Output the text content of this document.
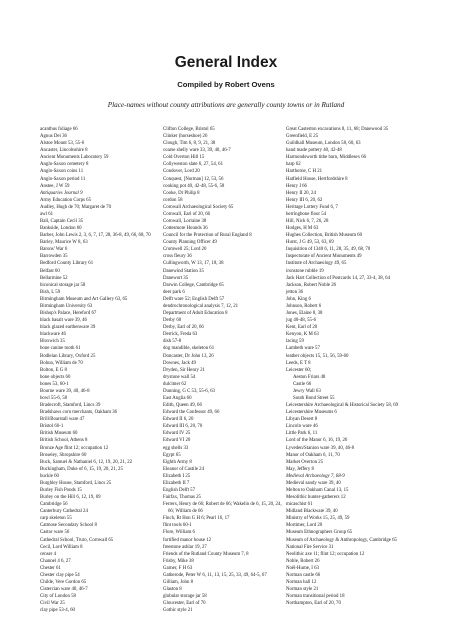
General Index
Compiled by Robert Ovens
Place-names without county attributions are generally county towns or in Rutland
acanthus foliage 66
Agnus Dei 36
Alstoe Mount 53, 55-6
Ancaster, Lincolnshire 8
Ancient Monuments Laboratory 59
Anglo-Saxon cemetery 8
Anglo-Saxon coins 11
Anglo-Saxon period 11
Anstee, J W 59
Antiquaries Journal 9
Army Education Corps 65
Audley, Hugh de 70; Margaret de 70
awl 61
Ball, Captain Cecil 35
Bankside, London 60
Barber, John Lewis 2, 3, 6, 7, 17, 28, 36-8, 49, 66, 68, 70
Barley, Maurice W 8, 63
Barons' War 6
Barrowden 35
Bedford County Library 61
Belfast 60
Bellarmine 52
biconical storage jar 58
Bish, L 59
Birmingham Museum and Art Gallery 63, 65
Birmingham University 63
Bishop's Palace, Hereford 67
black basalt ware 39, 46
black glazed earthenware 39
blackware 46
Bloxwich 35
bone canine tooth 61
Bodleian Library, Oxford 25
Bohun, William de 70
Bolton, E G 8
bone objects 60
bones 53, 60-1
Bourne ware 39, 40, 46-8
bowl 55-6, 58
Bradecroft, Stamford, Lincs 39
Bradshaws corn merchants, Oakham 36
Brill/Boarstall ware 47
Bristol 60-1
British Museum 60
British School, Athens 8
Bronze Age flint 12; occupation 12
Broseley, Shropshire 60
Buck, Samuel & Nathaniel 6, 12, 19, 20, 21, 22
Buckingham, Duke of 6, 15, 19, 20, 21, 25
buckle 60
Burghley House, Stamford, Lincs 25
Burley Fish Ponds 15
Burley on the Hill 6, 12, 19, 69
Cambridge 56
Canterbury Cathedral 24
carp skeleton 55
Catmose Secondary School 8
Castor ware 56
Cathedral School, Truro, Cornwall 65
Cecil, Lord William 8
censer 4
Channel 4 6, 27
Chester 61
Chester clay pipe 54
Childe, Vere Gordon 65
Cistercian ware 40, 46-7
City of London 58
Civil War 25
clay pipe 53-4, 60
Clifton College, Bristol 65
Clinker (horseshoe) 26
Clough, Tim 6, 8, 9, 21, 38
coarse shelly ware 33, 39, 40, 46-7
Cold Overton Hill 15
Collyweston slate 6, 27, 54, 61
Condover, Lord 20
Conquest, [Norman] 12, 53, 56
cooking pot 40, 42-48, 55-6, 58
Cooke, Dr Philip 8
cordon 58
Cornwall Archaeological Society 65
Cornwall, Earl of 20, 66
Cornwall, Lorraine 38
Cottesmore Hounds 36
Council for the Protection of Rural England 8
County Planning Officer 49
Cromwell 25; Lord 20
cross fleury 36
Cullingworth, W 13, 17, 18, 38
Danewind Station 35
Danewort 35
Darwin College, Cambridge 65
deer park 6
Delft ware 52; English Delft 57
dendrochronological analysis 7, 12, 21
Department of Adult Education 8
Derby 60
Derby, Earl of 20, 66
Derrick, Freda 63
dish 57-8
dog mandible, skeleton 61
Doncaster, Dr John 13, 26
Downes, Jack 49
Dryden, Sir Henry 21
drystone wall 54
dulcimer 62
Dunning, G C 53, 55-6, 63
East Anglia 60
Edith, Queen 49, 66
Edward the Confessor 49, 66
Edward II 6, 20
Edward III 6, 20, 70
Edward IV 25
Edward VI 20
egg shells 33
Egypt 65
Eighth Army 8
Eleanor of Castile 24
Elizabeth I 25
Elizabeth II 7
English Delft 57
Fairfax, Thomas 25
Ferrers, Henry de 66; Robert de 66; Wakelin de 6, 15, 20, 24, 66; William de 66
Finch, Rt Hon G H 6; Pearl 16, 17
flint tools 60-1
Flore, William 6
fortified manor house 12
freestone ashlar 19, 27
Friends of the Rutland County Museum 7, 8
Frisby, Mike 38
Garner, F H 63
Gatherode, Peter W 6, 11, 13, 15, 25, 33, 49, 64-5, 67
Gilliam, John 8
Glaston 8
globular storage jar 58
Gloucester, Earl of 70
Gothic style 21
Great Casterton excavations 8, 11, 68; Danewood 35
Greenfield, E 25
Guildhall Museum, London 58, 60, 63
hand made pottery 40, 42-48
Harmondsworth tithe barn, Middlesex 66
harp 62
Harthorne, C H 21
Hatfield House, Hertfordshire 8
Henry I 66
Henry II 20, 24
Henry III 6, 20, 62
Heritage Lottery Fund 6, 7
herringbone floor 54
Hill, Nick 6, 7, 26, 28
Hodges, H M 63
Hughes Collection, British Museum 60
Hurst, J G 49, 53, 63, 69
Inquisition of 1340 6, 11, 28, 35, 49, 68, 70
Inspectorate of Ancient Monuments 49
Institute of Archaeology 49, 65
ironstone rubble 19
Jack Hart Collection of Postcards 14, 27, 33-4, 38, 64
Jackson, Robert Noble 26
jetton 36
John, King 6
Johnson, Robert 6
Jones, Elaine 8, 38
jug 40-48, 55-6
Kent, Earl of 20
Kenyon, K M 63
lacing 59
Lambeth ware 57
leather objects 15, 51, 56, 59-60
Leeds, E T 8
Leicester 60;
Aeston Friars 48
Castle 66
Jewry Wall 63
South Bond Street 55
Leicestershire Archaeological & Historical Society 58, 69
Leicestershire Museums 6
Libyan Desert 8
Lincoln ware 46
Little Park 6, 11
Lord of the Manor 6, 16, 19, 26
Lyveden/Stanion ware 39, 40, 46-8
Manor of Oakham 6, 11, 70
Market Overton 25
May, Jeffery 8
Medieval Archaeology 7, 68-9
Medieval sandy ware 39, 40
Melton to Oakham Canal 13, 15
Mesolithic hunter-gatherers 12
micaschist 61
Midland Blackware 39, 40
Ministry of Works 15, 25, 49, 59
Mortimer, Lord 20
Museum Ethnographers Group 65
Museum of Archaeology & Anthropology, Cambridge 65
National Fire Service 31
Neolithic axe 11; flint 12; occupation 12
Noble, Robert 26
Noël-Hume, I 63
Norman castle 66
Norman hall 12
Norman style 21
Norman transitional period 18
Northampton, Earl of 20, 70
